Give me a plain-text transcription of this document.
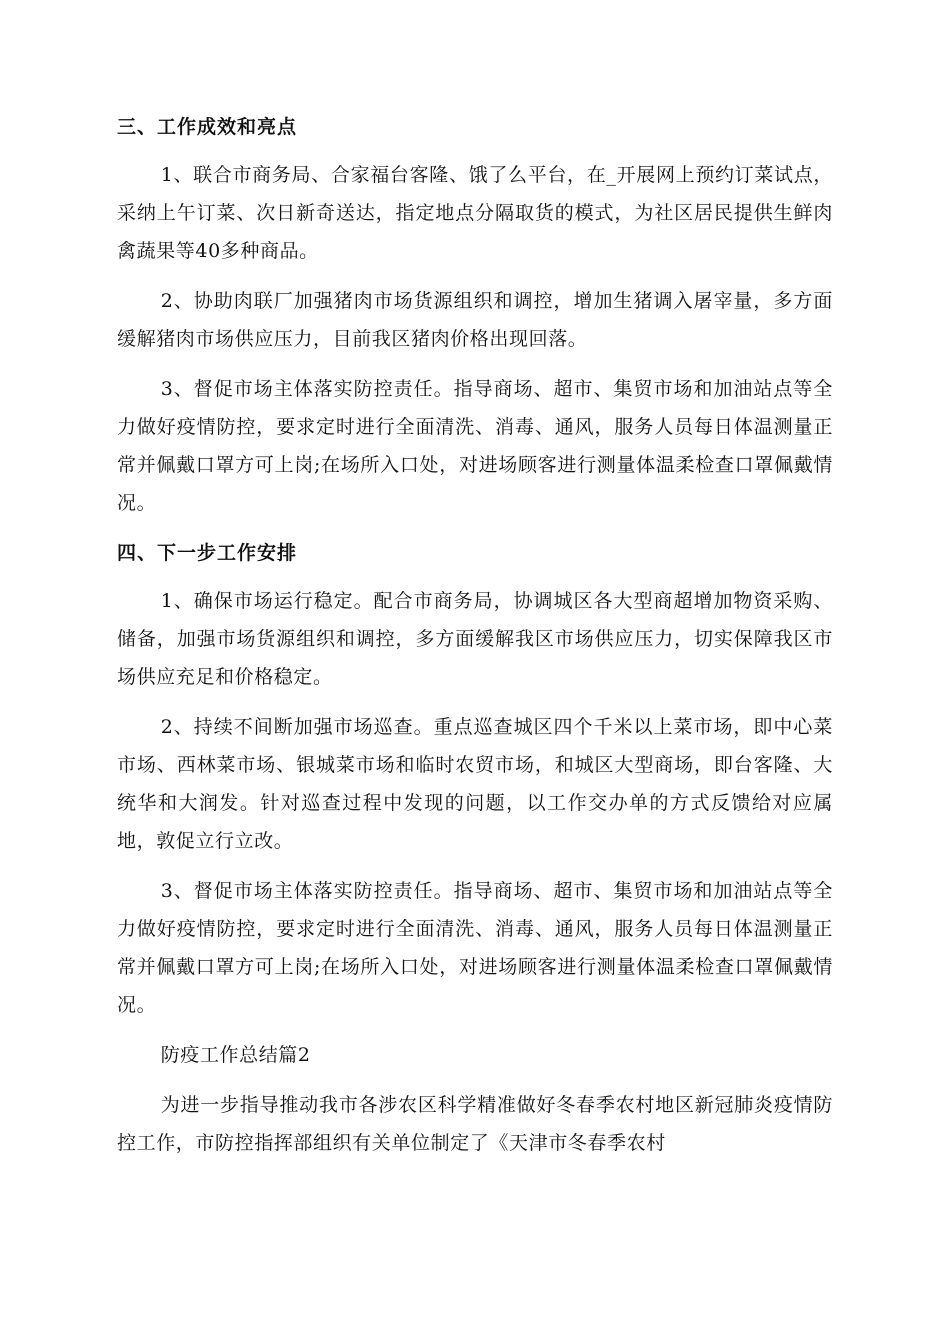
三、工作成效和亮点

1、联合市商务局、合家福台客隆、饿了么平台，在_开展网上预约订菜试点，采纳上午订菜、次日新奇送达，指定地点分隔取货的模式，为社区居民提供生鲜肉禽蔬果等40多种商品。

2、协助肉联厂加强猪肉市场货源组织和调控，增加生猪调入屠宰量，多方面缓解猪肉市场供应压力，目前我区猪肉价格出现回落。

3、督促市场主体落实防控责任。指导商场、超市、集贸市场和加油站点等全力做好疫情防控，要求定时进行全面清洗、消毒、通风，服务人员每日体温测量正常并佩戴口罩方可上岗;在场所入口处，对进场顾客进行测量体温柔检查口罩佩戴情况。

四、下一步工作安排

1、确保市场运行稳定。配合市商务局，协调城区各大型商超增加物资采购、储备，加强市场货源组织和调控，多方面缓解我区市场供应压力，切实保障我区市场供应充足和价格稳定。

2、持续不间断加强市场巡查。重点巡查城区四个千米以上菜市场，即中心菜市场、西林菜市场、银城菜市场和临时农贸市场，和城区大型商场，即台客隆、大统华和大润发。针对巡查过程中发现的问题，以工作交办单的方式反馈给对应属地，敦促立行立改。

3、督促市场主体落实防控责任。指导商场、超市、集贸市场和加油站点等全力做好疫情防控，要求定时进行全面清洗、消毒、通风，服务人员每日体温测量正常并佩戴口罩方可上岗;在场所入口处，对进场顾客进行测量体温柔检查口罩佩戴情况。

防疫工作总结篇2

为进一步指导推动我市各涉农区科学精准做好冬春季农村地区新冠肺炎疫情防控工作，市防控指挥部组织有关单位制定了《天津市冬春季农村
